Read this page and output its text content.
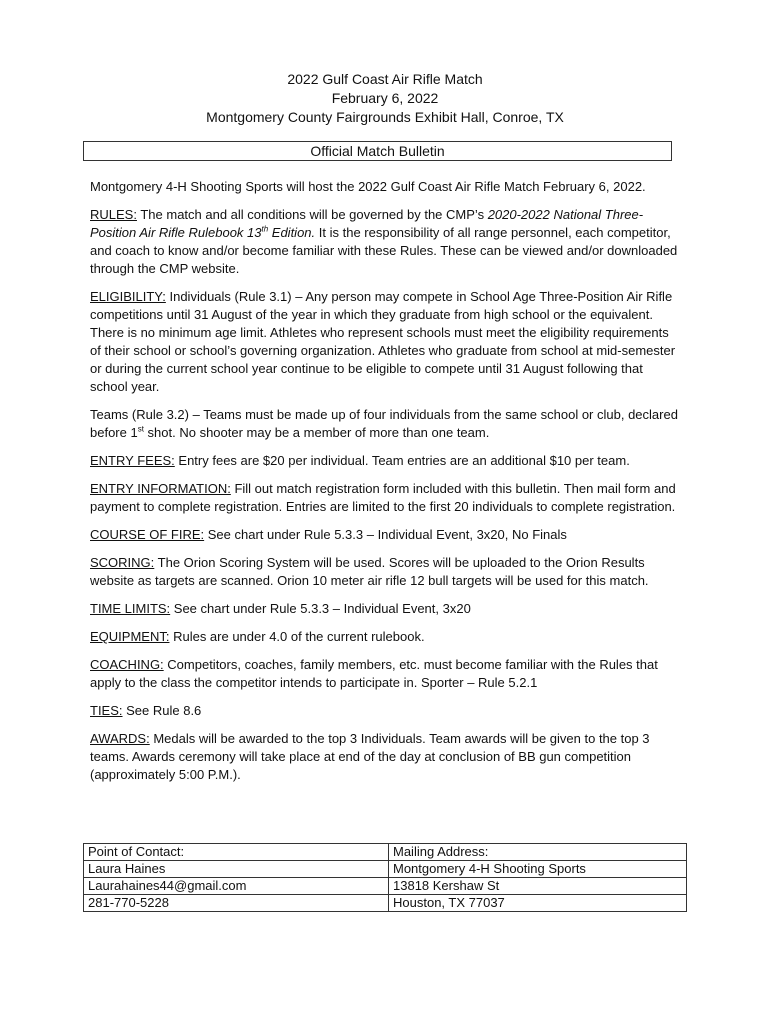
2022 Gulf Coast Air Rifle Match
February 6, 2022
Montgomery County Fairgrounds Exhibit Hall, Conroe, TX
Official Match Bulletin

Montgomery 4-H Shooting Sports will host the 2022 Gulf Coast Air Rifle Match February 6, 2022.

RULES: The match and all conditions will be governed by the CMP’s 2020-2022 National Three-Position Air Rifle Rulebook 13th Edition. It is the responsibility of all range personnel, each competitor, and coach to know and/or become familiar with these Rules. These can be viewed and/or downloaded through the CMP website.

ELIGIBILITY: Individuals (Rule 3.1) – Any person may compete in School Age Three-Position Air Rifle competitions until 31 August of the year in which they graduate from high school or the equivalent. There is no minimum age limit. Athletes who represent schools must meet the eligibility requirements of their school or school’s governing organization. Athletes who graduate from school at mid-semester or during the current school year continue to be eligible to compete until 31 August following that school year.

Teams (Rule 3.2) – Teams must be made up of four individuals from the same school or club, declared before 1st shot. No shooter may be a member of more than one team.

ENTRY FEES: Entry fees are $20 per individual. Team entries are an additional $10 per team.

ENTRY INFORMATION: Fill out match registration form included with this bulletin. Then mail form and payment to complete registration. Entries are limited to the first 20 individuals to complete registration.

COURSE OF FIRE: See chart under Rule 5.3.3 – Individual Event, 3x20, No Finals

SCORING: The Orion Scoring System will be used. Scores will be uploaded to the Orion Results website as targets are scanned. Orion 10 meter air rifle 12 bull targets will be used for this match.

TIME LIMITS: See chart under Rule 5.3.3 – Individual Event, 3x20

EQUIPMENT: Rules are under 4.0 of the current rulebook.

COACHING: Competitors, coaches, family members, etc. must become familiar with the Rules that apply to the class the competitor intends to participate in. Sporter – Rule 5.2.1

TIES: See Rule 8.6

AWARDS: Medals will be awarded to the top 3 Individuals. Team awards will be given to the top 3 teams. Awards ceremony will take place at end of the day at conclusion of BB gun competition (approximately 5:00 P.M.).

Point of Contact:	Mailing Address:
Laura Haines	Montgomery 4-H Shooting Sports
Laurahaines44@gmail.com	13818 Kershaw St
281-770-5228	Houston, TX 77037
